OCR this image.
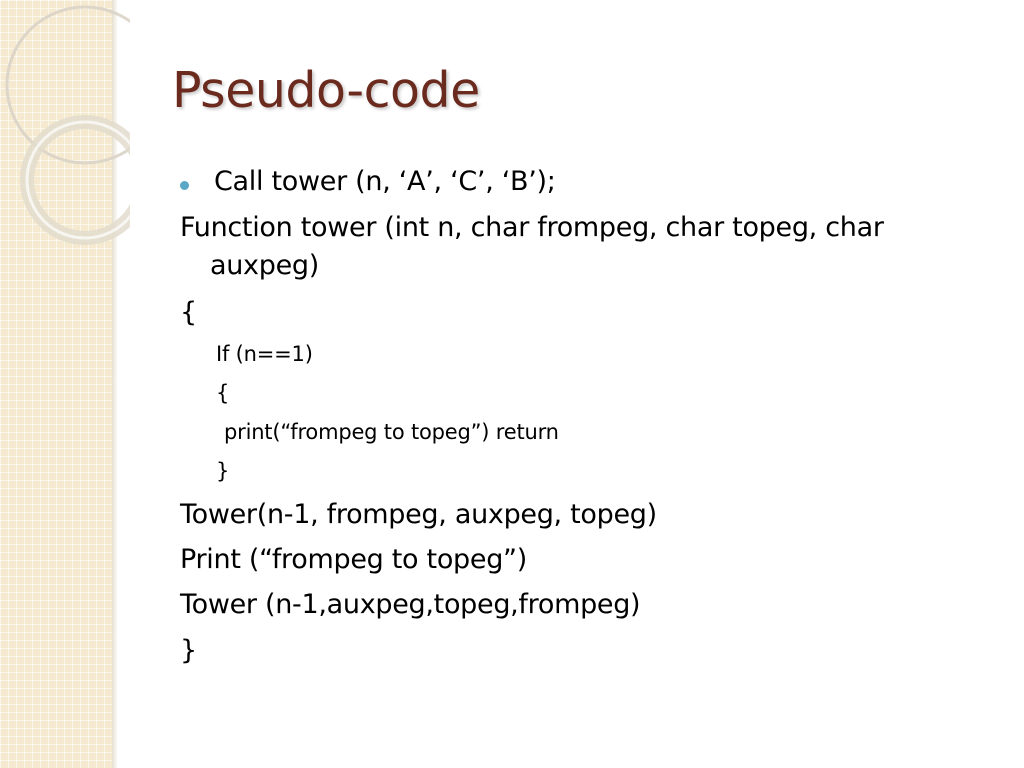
Pseudo-code

Call tower (n, ‘A’, ‘C’, ‘B’);

Function tower (int n, char frompeg, char topeg, char

auxpeg)

{

If (n==1)

{

print(“frompeg to topeg”) return

}

Tower(n-1, frompeg, auxpeg, topeg)

Print (“frompeg to topeg”)

Tower (n-1,auxpeg,topeg,frompeg)

}
